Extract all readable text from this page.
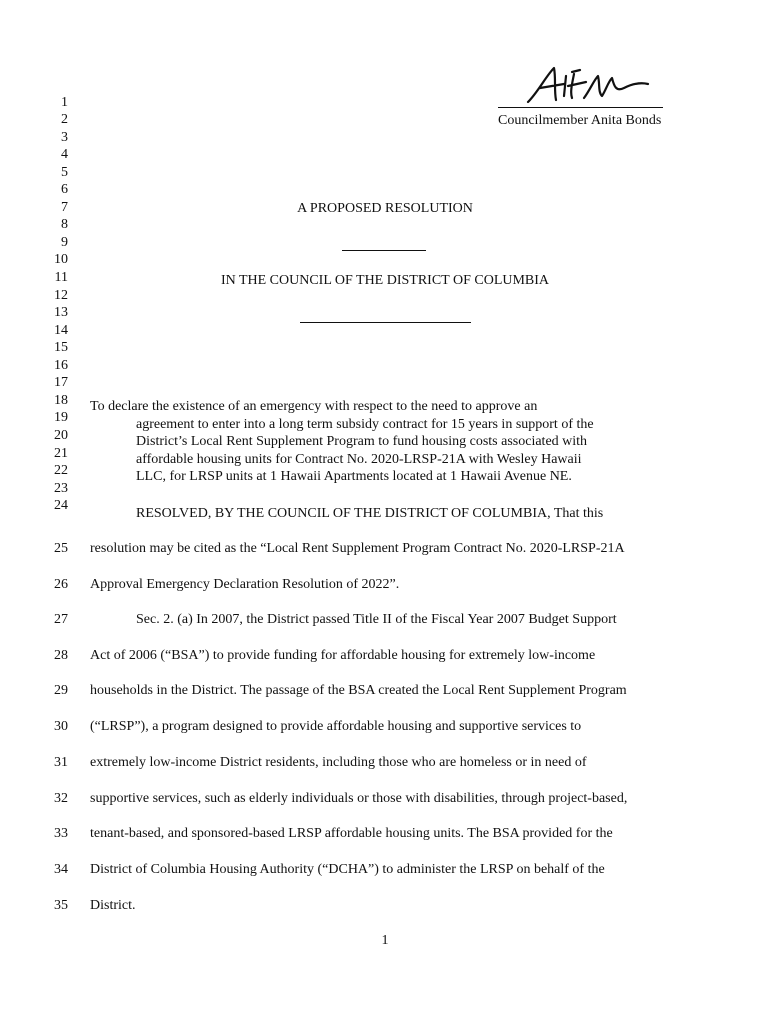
Councilmember Anita Bonds
1
2
3
4
5
6
7
8
9
10
11
12
13
14
15
16
17
18
19
20
21
22
23
24
A PROPOSED RESOLUTION
IN THE COUNCIL OF THE DISTRICT OF COLUMBIA
To declare the existence of an emergency with respect to the need to approve an
agreement to enter into a long term subsidy contract for 15 years in support of the
District’s Local Rent Supplement Program to fund housing costs associated with
affordable housing units for Contract No. 2020-LRSP-21A with Wesley Hawaii
LLC, for LRSP units at 1 Hawaii Apartments located at 1 Hawaii Avenue NE.
RESOLVED, BY THE COUNCIL OF THE DISTRICT OF COLUMBIA, That this
resolution may be cited as the “Local Rent Supplement Program Contract No. 2020-LRSP-21A
Approval Emergency Declaration Resolution of 2022”.
Sec. 2. (a) In 2007, the District passed Title II of the Fiscal Year 2007 Budget Support
Act of 2006 (“BSA”) to provide funding for affordable housing for extremely low-income
households in the District. The passage of the BSA created the Local Rent Supplement Program
(“LRSP”), a program designed to provide affordable housing and supportive services to
extremely low-income District residents, including those who are homeless or in need of
supportive services, such as elderly individuals or those with disabilities, through project-based,
tenant-based, and sponsored-based LRSP affordable housing units. The BSA provided for the
District of Columbia Housing Authority (“DCHA”) to administer the LRSP on behalf of the
District.
25
26
27
28
29
30
31
32
33
34
35
1
